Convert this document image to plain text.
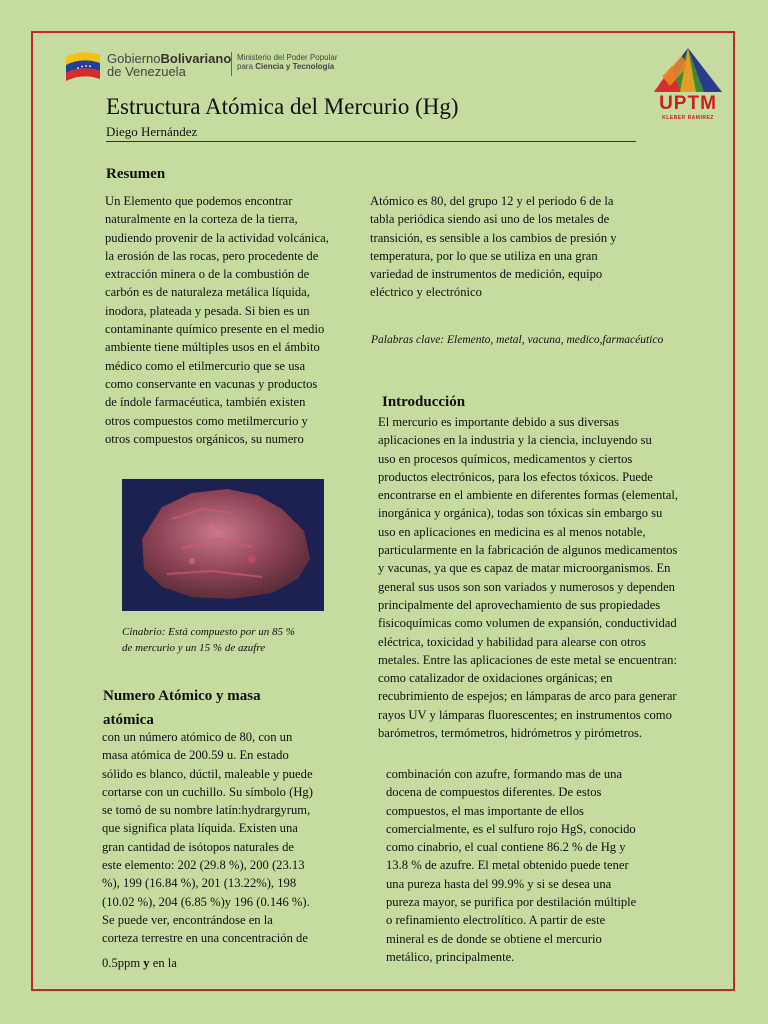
GobiernoBolivariano
de Venezuela
Ministerio del Poder Popular
para Ciencia y Tecnología
UPTM
KLEBER RAMIREZ
Estructura Atómica del Mercurio (Hg)
Diego Hernández
Resumen
Un Elemento que podemos encontrar
naturalmente en la corteza de la tierra,
pudiendo provenir de la actividad volcánica,
la erosión de las rocas, pero procedente de
extracción minera o de la combustión de
carbón es de naturaleza metálica líquida,
inodora, plateada y pesada. Si bien es un
contaminante químico presente en el medio
ambiente tiene múltiples usos en el ámbito
médico como el etilmercurio que se usa
como conservante en vacunas y productos
de índole farmacéutica, también existen
otros compuestos como metilmercurio y
otros compuestos orgánicos, su numero
Cinabrio: Está compuesto por un 85 %
de mercurio y un 15 % de azufre
Numero Atómico y masa
atómica
con un número atómico de 80, con un
masa atómica de 200.59 u. En estado
sólido es blanco, dúctil, maleable y puede
cortarse con un cuchillo. Su símbolo (Hg)
se tomó de su nombre latín:hydrargyrum,
que significa plata líquida. Existen una
gran cantidad de isótopos naturales de
este elemento: 202 (29.8 %), 200 (23.13
%), 199 (16.84 %), 201 (13.22%), 198
(10.02 %), 204 (6.85 %)y 196 (0.146 %).
Se puede ver, encontrándose en la
corteza terrestre en una concentración de
0.5ppm y en la
Atómico es 80, del grupo 12 y el periodo 6 de la
tabla periódica siendo asi uno de los metales de
transición, es sensible a los cambios de presión y
temperatura, por lo que se utiliza en una gran
variedad de instrumentos de medición, equipo
eléctrico y electrónico
Palabras clave: Elemento, metal, vacuna, medico,farmacéutico
Introducción
El mercurio es importante debido a sus diversas
aplicaciones en la industria y la ciencia, incluyendo su
uso en procesos químicos, medicamentos y ciertos
productos electrónicos, para los efectos tóxicos. Puede
encontrarse en el ambiente en diferentes formas (elemental,
inorgánica y orgánica), todas son tóxicas sin embargo su
uso en aplicaciones en medicina es al menos notable,
particularmente en la fabricación de algunos medicamentos
y vacunas, ya que es capaz de matar microorganismos. En
general sus usos son son variados y numerosos y dependen
principalmente del aprovechamiento de sus propiedades
fisicoquímicas como volumen de expansión, conductividad
eléctrica, toxicidad y habilidad para alearse con otros
metales. Entre las aplicaciones de este metal se encuentran:
como catalizador de oxidaciones orgánicas; en
recubrimiento de espejos; en lámparas de arco para generar
rayos UV y lámparas fluorescentes; en instrumentos como
barómetros, termómetros, hidrómetros y pirómetros.
combinación con azufre, formando mas de una
docena de compuestos diferentes. De estos
compuestos, el mas importante de ellos
comercialmente, es el sulfuro rojo HgS, conocido
como cinabrio, el cual contiene 86.2 % de Hg y
13.8 % de azufre. El metal obtenido puede tener
una pureza hasta del 99.9% y si se desea una
pureza mayor, se purifica por destilación múltiple
o refinamiento electrolítico. A partir de este
mineral es de donde se obtiene el mercurio
metálico, principalmente.
